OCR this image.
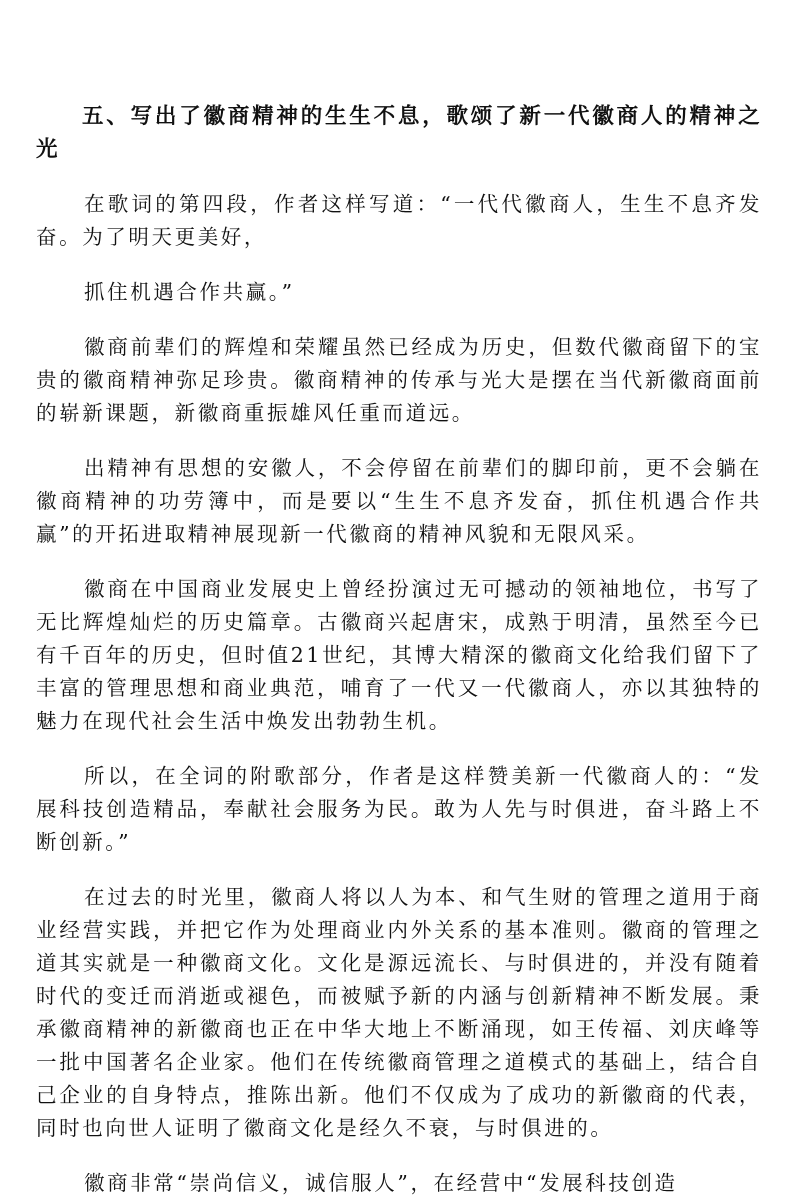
五、写出了徽商精神的生生不息，歌颂了新一代徽商人的精神之光

在歌词的第四段，作者这样写道：“一代代徽商人，生生不息齐发奋。为了明天更美好，

抓住机遇合作共赢。”

徽商前辈们的辉煌和荣耀虽然已经成为历史，但数代徽商留下的宝贵的徽商精神弥足珍贵。徽商精神的传承与光大是摆在当代新徽商面前的崭新课题，新徽商重振雄风任重而道远。

出精神有思想的安徽人，不会停留在前辈们的脚印前，更不会躺在徽商精神的功劳簿中，而是要以“生生不息齐发奋，抓住机遇合作共赢”的开拓进取精神展现新一代徽商的精神风貌和无限风采。

徽商在中国商业发展史上曾经扮演过无可撼动的领袖地位，书写了无比辉煌灿烂的历史篇章。古徽商兴起唐宋，成熟于明清，虽然至今已有千百年的历史，但时值21世纪，其博大精深的徽商文化给我们留下了丰富的管理思想和商业典范，哺育了一代又一代徽商人，亦以其独特的魅力在现代社会生活中焕发出勃勃生机。

所以，在全词的附歌部分，作者是这样赞美新一代徽商人的：“发展科技创造精品，奉献社会服务为民。敢为人先与时俱进，奋斗路上不断创新。”

在过去的时光里，徽商人将以人为本、和气生财的管理之道用于商业经营实践，并把它作为处理商业内外关系的基本准则。徽商的管理之道其实就是一种徽商文化。文化是源远流长、与时俱进的，并没有随着时代的变迁而消逝或褪色，而被赋予新的内涵与创新精神不断发展。秉承徽商精神的新徽商也正在中华大地上不断涌现，如王传福、刘庆峰等一批中国著名企业家。他们在传统徽商管理之道模式的基础上，结合自己企业的自身特点，推陈出新。他们不仅成为了成功的新徽商的代表，同时也向世人证明了徽商文化是经久不衰，与时俱进的。

徽商非常“崇尚信义，诚信服人”，在经营中“发展科技创造
